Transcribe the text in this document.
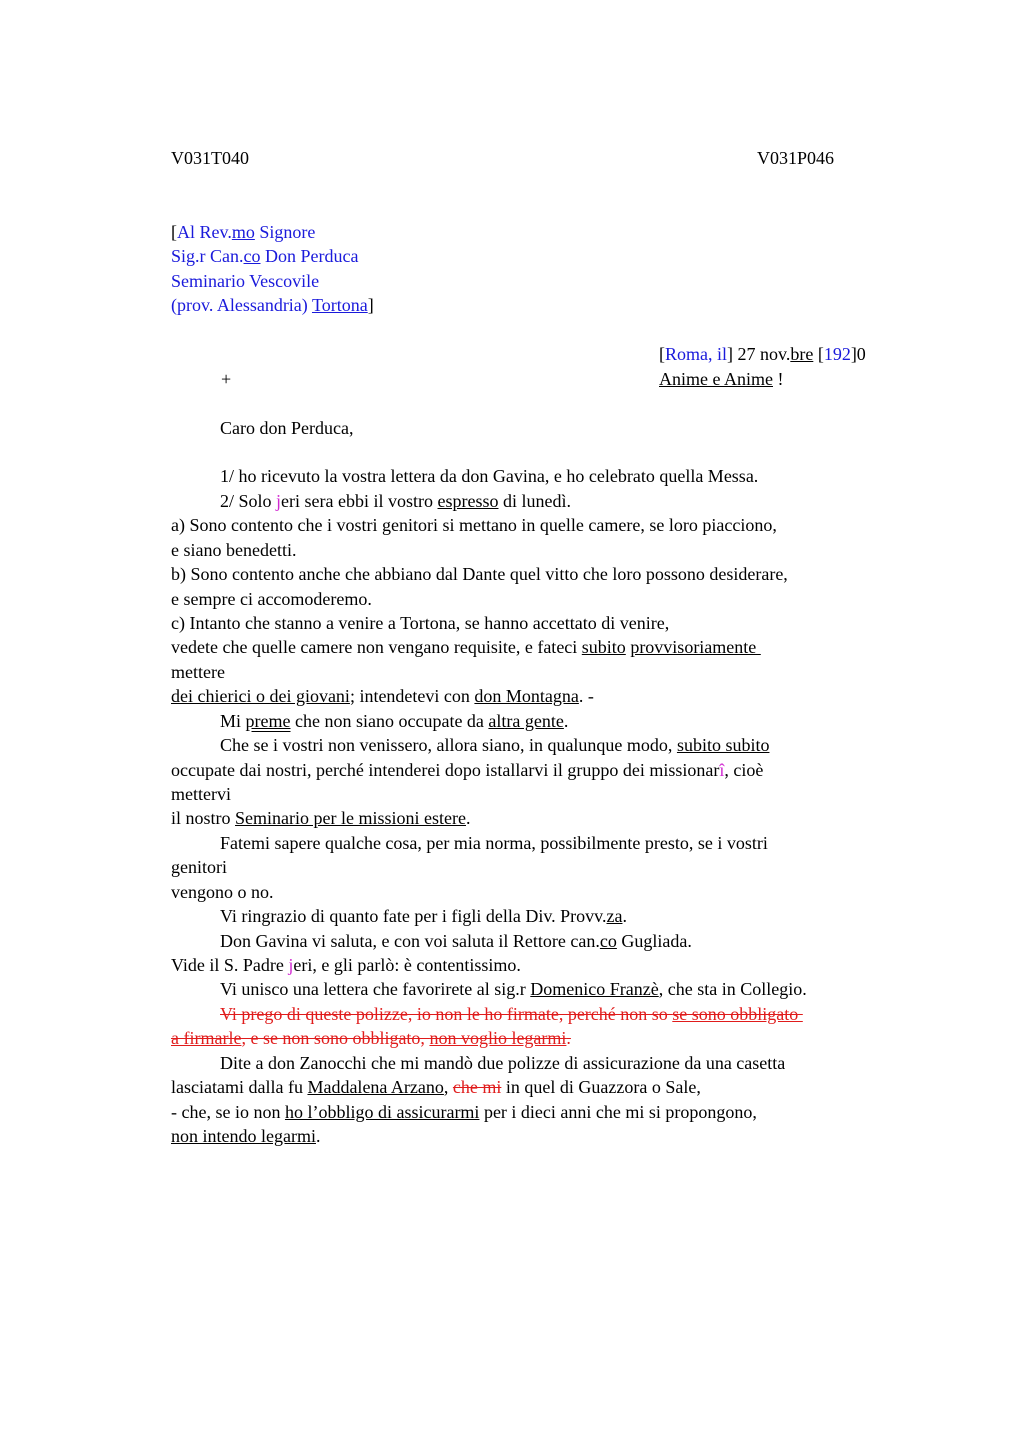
V031T040	V031P046
[Al Rev.mo Signore
Sig.r Can.co Don Perduca
Seminario Vescovile
(prov. Alessandria) Tortona]
[Roma, il] 27 nov.bre [192]0
+	Anime e Anime !
Caro don Perduca,
1/ ho ricevuto la vostra lettera da don Gavina, e ho celebrato quella Messa.
2/ Solo jeri sera ebbi il vostro espresso di lunedì.
a) Sono contento che i vostri genitori si mettano in quelle camere, se loro piacciono,
e siano benedetti.
b) Sono contento anche che abbiano dal Dante quel vitto che loro possono desiderare,
e sempre ci accomoderemo.
c) Intanto che stanno a venire a Tortona, se hanno accettato di venire,
vedete che quelle camere non vengano requisite, e fateci subito provvisoriamente
mettere
dei chierici o dei giovani; intendetevi con don Montagna. -
Mi preme che non siano occupate da altra gente.
Che se i vostri non venissero, allora siano, in qualunque modo, subito subito
occupate dai nostri, perché intenderei dopo istallarvi il gruppo dei missionarî, cioè
mettervi
il nostro Seminario per le missioni estere.
Fatemi sapere qualche cosa, per mia norma, possibilmente presto, se i vostri
genitori
vengono o no.
Vi ringrazio di quanto fate per i figli della Div. Provv.za.
Don Gavina vi saluta, e con voi saluta il Rettore can.co Gugliada.
Vide il S. Padre jeri, e gli parlò: è contentissimo.
Vi unisco una lettera che favorirete al sig.r Domenico Franzè, che sta in Collegio.
Vi prego di queste polizze, io non le ho firmate, perché non so se sono obbligato
a firmarle, e se non sono obbligato, non voglio legarmi.
Dite a don Zanocchi che mi mandò due polizze di assicurazione da una casetta
lasciatami dalla fu Maddalena Arzano, che mi in quel di Guazzora o Sale,
- che, se io non ho l’obbligo di assicurarmi per i dieci anni che mi si propongono,
non intendo legarmi.
